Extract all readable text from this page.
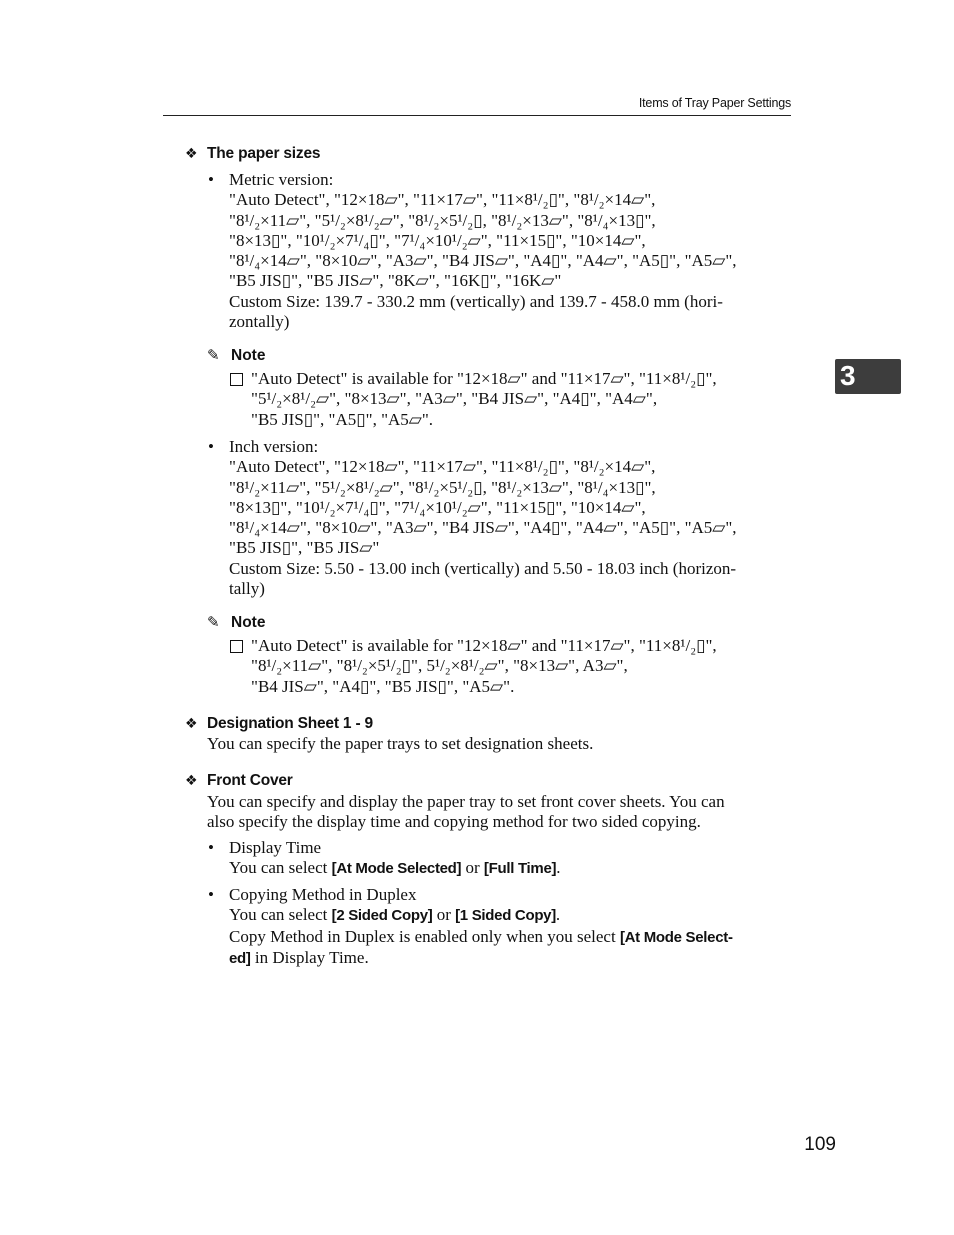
Items of Tray Paper Settings
3
❖ The paper sizes
• Metric version:
"Auto Detect", "12×18▱", "11×17▱", "11×8¹/₂▯", "8¹/₂×14▱",
"8¹/₂×11▱", "5¹/₂×8¹/₂▱", "8¹/₂×5¹/₂▯, "8¹/₂×13▱", "8¹/₄×13▯",
"8×13▯", "10¹/₂×7¹/₄▯", "7¹/₄×10¹/₂▱", "11×15▯", "10×14▱",
"8¹/₄×14▱", "8×10▱", "A3▱", "B4 JIS▱", "A4▯", "A4▱", "A5▯", "A5▱",
"B5 JIS▯", "B5 JIS▱", "8K▱", "16K▯", "16K▱"
Custom Size: 139.7 - 330.2 mm (vertically) and 139.7 - 458.0 mm (hori-
zontally)
✎ Note
"Auto Detect" is available for "12×18▱" and "11×17▱", "11×8¹/₂▯",
"5¹/₂×8¹/₂▱", "8×13▱", "A3▱", "B4 JIS▱", "A4▯", "A4▱",
"B5 JIS▯", "A5▯", "A5▱".
• Inch version:
"Auto Detect", "12×18▱", "11×17▱", "11×8¹/₂▯", "8¹/₂×14▱",
"8¹/₂×11▱", "5¹/₂×8¹/₂▱", "8¹/₂×5¹/₂▯, "8¹/₂×13▱", "8¹/₄×13▯",
"8×13▯", "10¹/₂×7¹/₄▯", "7¹/₄×10¹/₂▱", "11×15▯", "10×14▱",
"8¹/₄×14▱", "8×10▱", "A3▱", "B4 JIS▱", "A4▯", "A4▱", "A5▯", "A5▱",
"B5 JIS▯", "B5 JIS▱"
Custom Size: 5.50 - 13.00 inch (vertically) and 5.50 - 18.03 inch (horizon-
tally)
✎ Note
"Auto Detect" is available for "12×18▱" and "11×17▱", "11×8¹/₂▯",
"8¹/₂×11▱", "8¹/₂×5¹/₂▯", 5¹/₂×8¹/₂▱", "8×13▱", A3▱",
"B4 JIS▱", "A4▯", "B5 JIS▯", "A5▱".
❖ Designation Sheet 1 - 9
You can specify the paper trays to set designation sheets.
❖ Front Cover
You can specify and display the paper tray to set front cover sheets. You can
also specify the display time and copying method for two sided copying.
• Display Time
You can select [At Mode Selected] or [Full Time].
• Copying Method in Duplex
You can select [2 Sided Copy] or [1 Sided Copy].
Copy Method in Duplex is enabled only when you select [At Mode Select-
ed] in Display Time.
109
